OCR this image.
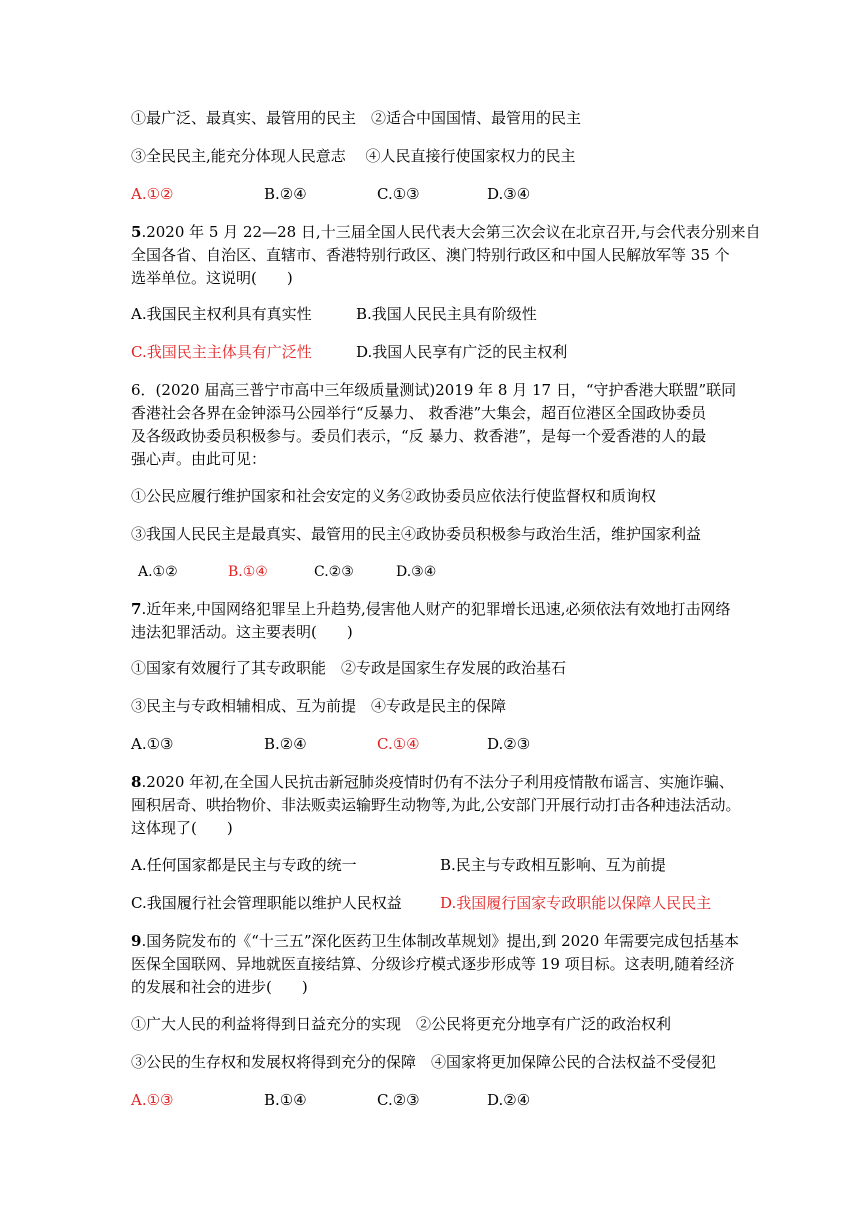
①最广泛、最真实、最管用的民主　②适合中国国情、最管用的民主
③全民民主,能充分体现人民意志　 ④人民直接行使国家权力的民主
A.①②	B.②④	C.①③	D.③④
5.2020 年 5 月 22—28 日,十三届全国人民代表大会第三次会议在北京召开,与会代表分别来自
全国各省、自治区、直辖市、香港特别行政区、澳门特别行政区和中国人民解放军等 35 个
选举单位。这说明(　　)
A.我国民主权利具有真实性	B.我国人民民主具有阶级性
C.我国民主主体具有广泛性	D.我国人民享有广泛的民主权利
6．(2020 届高三普宁市高中三年级质量测试)2019 年 8 月 17 日，“守护香港大联盟”联同
香港社会各界在金钟添马公园举行“反暴力、 救香港”大集会，超百位港区全国政协委员
及各级政协委员积极参与。委员们表示，“反 暴力、救香港”，是每一个爱香港的人的最
强心声。由此可见：
①公民应履行维护国家和社会安定的义务②政协委员应依法行使监督权和质询权
③我国人民民主是最真实、最管用的民主④政协委员积极参与政治生活，维护国家利益
A.①②	B.①④	C.②③	D.③④
7.近年来,中国网络犯罪呈上升趋势,侵害他人财产的犯罪增长迅速,必须依法有效地打击网络
违法犯罪活动。这主要表明(　　)
①国家有效履行了其专政职能　②专政是国家生存发展的政治基石
③民主与专政相辅相成、互为前提　④专政是民主的保障
A.①③	B.②④	C.①④	D.②③
8.2020 年初,在全国人民抗击新冠肺炎疫情时仍有不法分子利用疫情散布谣言、实施诈骗、
囤积居奇、哄抬物价、非法贩卖运输野生动物等,为此,公安部门开展行动打击各种违法活动。
这体现了(　　)
A.任何国家都是民主与专政的统一	B.民主与专政相互影响、互为前提
C.我国履行社会管理职能以维护人民权益	D.我国履行国家专政职能以保障人民民主
9.国务院发布的《“十三五”深化医药卫生体制改革规划》提出,到 2020 年需要完成包括基本
医保全国联网、异地就医直接结算、分级诊疗模式逐步形成等 19 项目标。这表明,随着经济
的发展和社会的进步(　　)
①广大人民的利益将得到日益充分的实现　②公民将更充分地享有广泛的政治权利
③公民的生存权和发展权将得到充分的保障　④国家将更加保障公民的合法权益不受侵犯
A.①③	B.①④	C.②③	D.②④
